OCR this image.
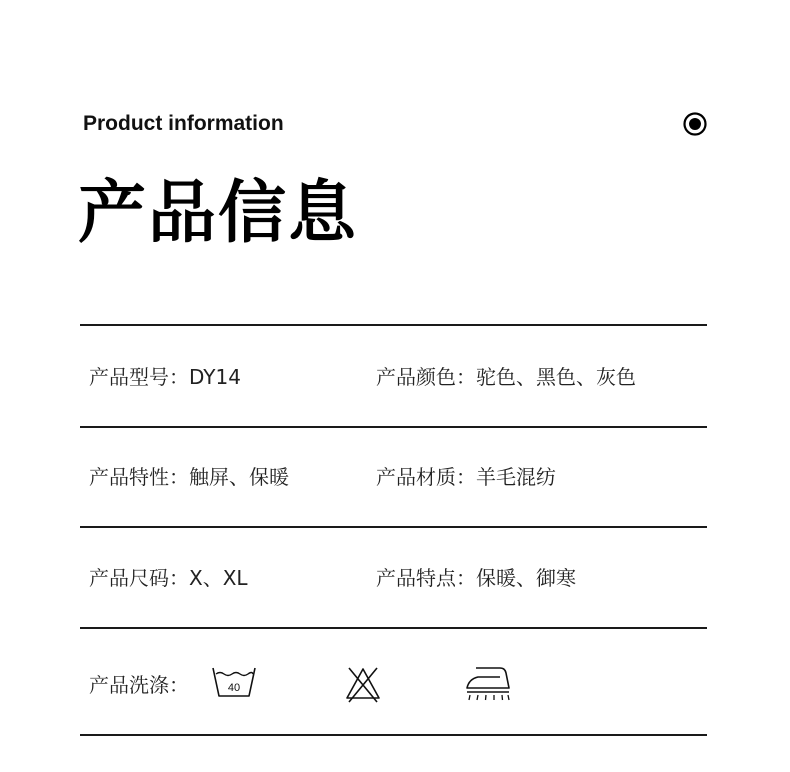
Product information
产品信息
产品型号：DY14	产品颜色：驼色、黑色、灰色
产品特性：触屏、保暖	产品材质：羊毛混纺
产品尺码：X、XL	产品特点：保暖、御寒
产品洗涤：	40
